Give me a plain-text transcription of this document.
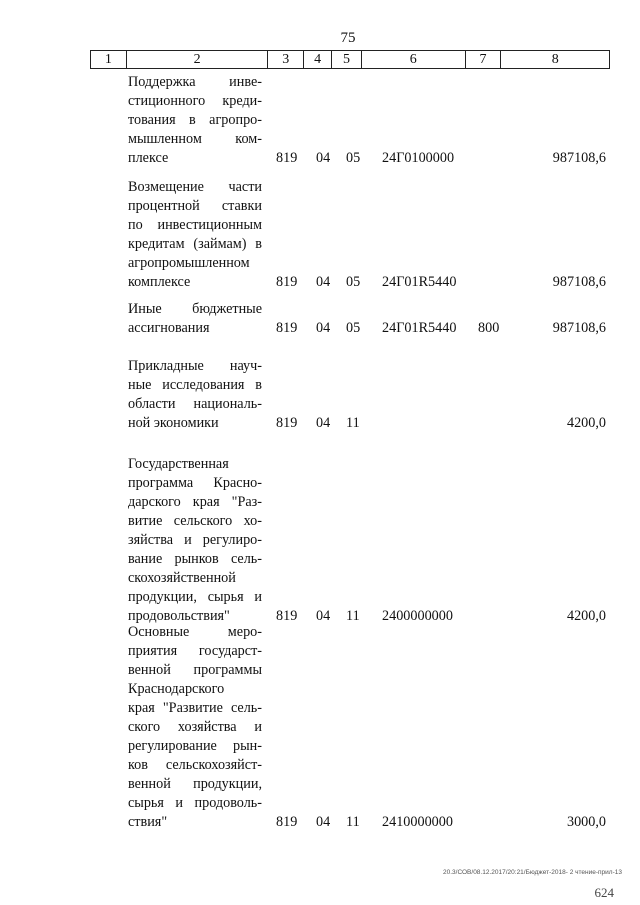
75
1	2	3	4	5	6	7	8
Поддержка инве-
стиционного креди-
тования в агропро-
мышленном ком-
плексе	819 04 05 24Г0100000	987108,6
Возмещение части
процентной ставки
по инвестиционным
кредитам (займам) в
агропромышленном
комплексе	819 04 05 24Г01R5440	987108,6
Иные бюджетные
ассигнования	819 04 05 24Г01R5440 800	987108,6
Прикладные науч-
ные исследования в
области националь-
ной экономики	819 04 11	4200,0
Государственная
программа Красно-
дарского края "Раз-
витие сельского хо-
зяйства и регулиро-
вание рынков сель-
скохозяйственной
продукции, сырья и
продовольствия"	819 04 11 2400000000	4200,0
Основные меро-
приятия государст-
венной программы
Краснодарского
края "Развитие сель-
ского хозяйства и
регулирование рын-
ков сельскохозяйст-
венной продукции,
сырья и продоволь-
ствия"	819 04 11 2410000000	3000,0
20.3/СОВ/08.12.2017/20:21/Бюджет-2018- 2 чтение-прил-13
624
